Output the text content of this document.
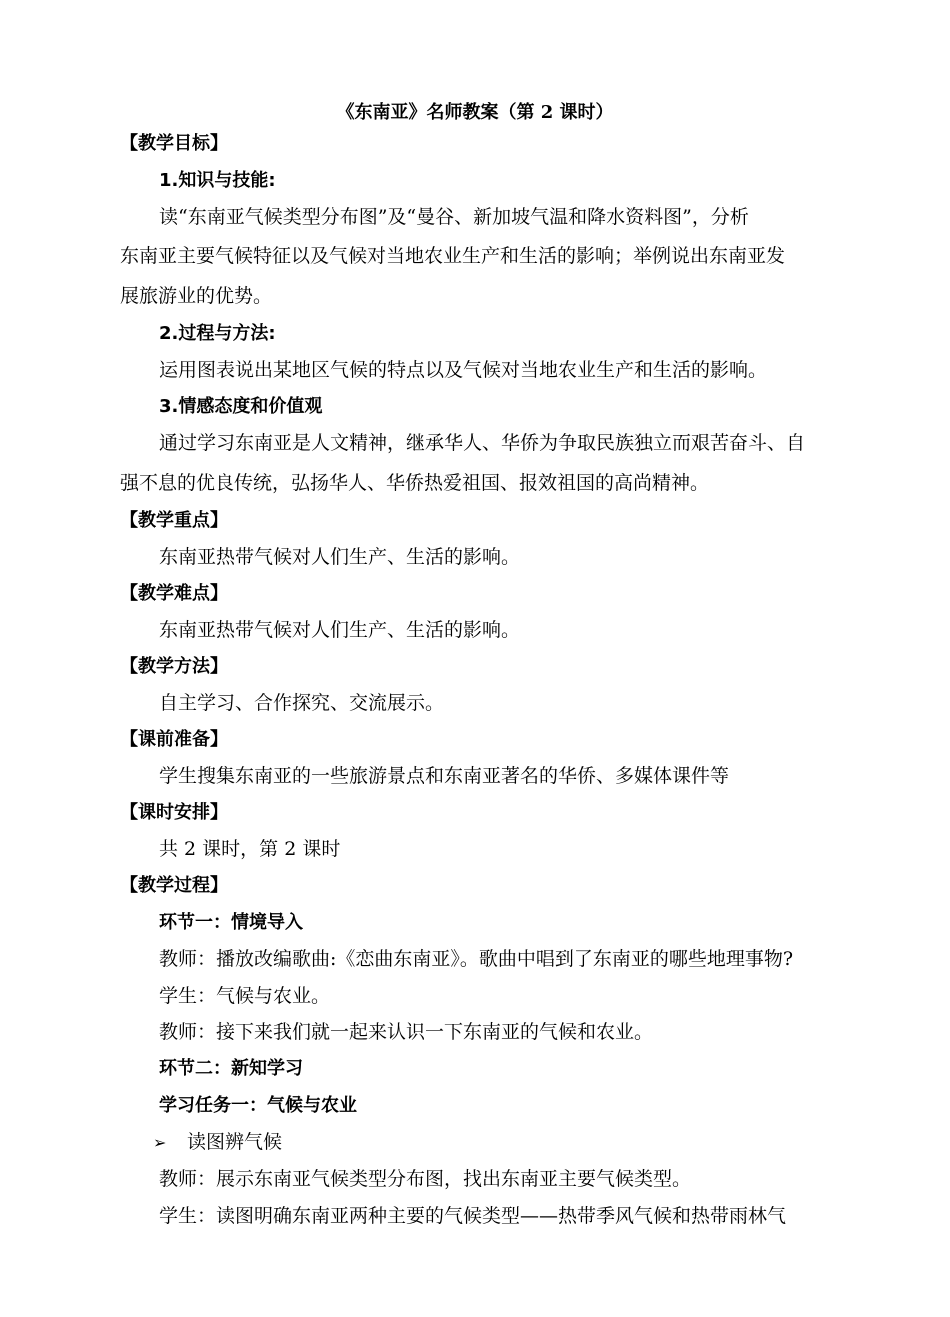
《东南亚》名师教案（第 2 课时）
【教学目标】
1.知识与技能:
读“东南亚气候类型分布图”及“曼谷、新加坡气温和降水资料图”，分析
东南亚主要气候特征以及气候对当地农业生产和生活的影响；举例说出东南亚发
展旅游业的优势。
2.过程与方法:
运用图表说出某地区气候的特点以及气候对当地农业生产和生活的影响。
3.情感态度和价值观
通过学习东南亚是人文精神，继承华人、华侨为争取民族独立而艰苦奋斗、自
强不息的优良传统，弘扬华人、华侨热爱祖国、报效祖国的高尚精神。
【教学重点】
东南亚热带气候对人们生产、生活的影响。
【教学难点】
东南亚热带气候对人们生产、生活的影响。
【教学方法】
自主学习、合作探究、交流展示。
【课前准备】
学生搜集东南亚的一些旅游景点和东南亚著名的华侨、多媒体课件等
【课时安排】
共 2 课时，第 2 课时
【教学过程】
环节一：情境导入
教师：播放改编歌曲:《恋曲东南亚》。歌曲中唱到了东南亚的哪些地理事物?
学生：气候与农业。
教师：接下来我们就一起来认识一下东南亚的气候和农业。
环节二：新知学习
学习任务一：气候与农业
➢ 读图辨气候
教师：展示东南亚气候类型分布图，找出东南亚主要气候类型。
学生：读图明确东南亚两种主要的气候类型——热带季风气候和热带雨林气
